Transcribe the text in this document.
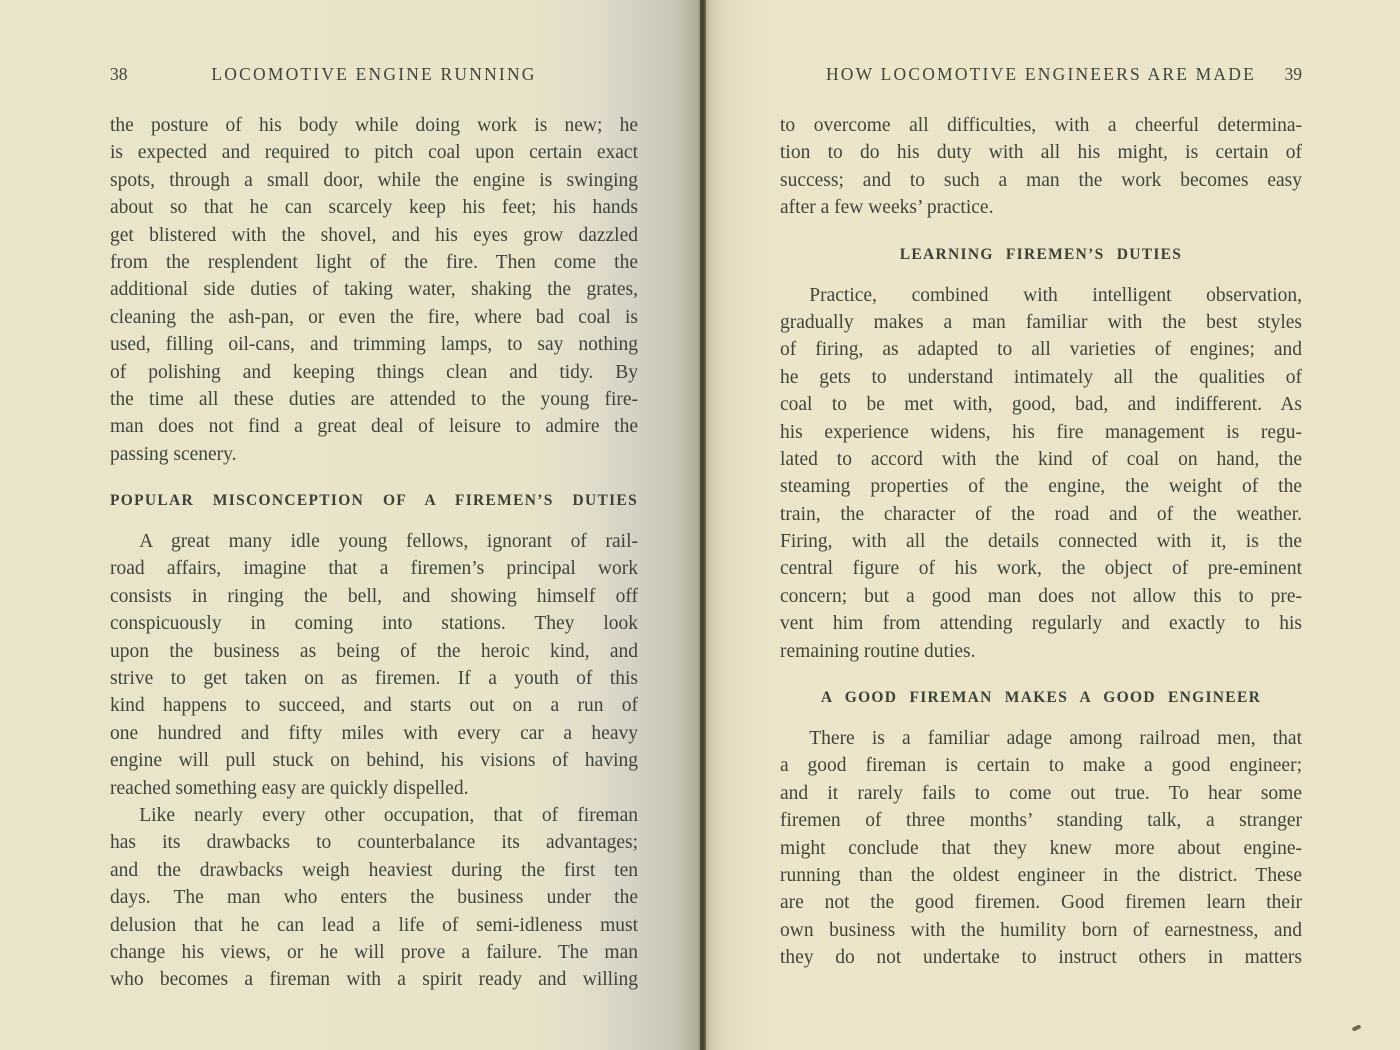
38	LOCOMOTIVE ENGINE RUNNING
the posture of his body while doing work is new; he
is expected and required to pitch coal upon certain exact
spots, through a small door, while the engine is swinging
about so that he can scarcely keep his feet; his hands
get blistered with the shovel, and his eyes grow dazzled
from the resplendent light of the fire. Then come the
additional side duties of taking water, shaking the grates,
cleaning the ash-pan, or even the fire, where bad coal is
used, filling oil-cans, and trimming lamps, to say nothing
of polishing and keeping things clean and tidy. By
the time all these duties are attended to the young fire-
man does not find a great deal of leisure to admire the
passing scenery.
POPULAR MISCONCEPTION OF A FIREMEN’S DUTIES
A great many idle young fellows, ignorant of rail-
road affairs, imagine that a firemen’s principal work
consists in ringing the bell, and showing himself off
conspicuously in coming into stations. They look
upon the business as being of the heroic kind, and
strive to get taken on as firemen. If a youth of this
kind happens to succeed, and starts out on a run of
one hundred and fifty miles with every car a heavy
engine will pull stuck on behind, his visions of having
reached something easy are quickly dispelled.
Like nearly every other occupation, that of fireman
has its drawbacks to counterbalance its advantages;
and the drawbacks weigh heaviest during the first ten
days. The man who enters the business under the
delusion that he can lead a life of semi-idleness must
change his views, or he will prove a failure. The man
who becomes a fireman with a spirit ready and willing
HOW LOCOMOTIVE ENGINEERS ARE MADE	39
to overcome all difficulties, with a cheerful determina-
tion to do his duty with all his might, is certain of
success; and to such a man the work becomes easy
after a few weeks’ practice.
LEARNING FIREMEN’S DUTIES
Practice, combined with intelligent observation,
gradually makes a man familiar with the best styles
of firing, as adapted to all varieties of engines; and
he gets to understand intimately all the qualities of
coal to be met with, good, bad, and indifferent. As
his experience widens, his fire management is regu-
lated to accord with the kind of coal on hand, the
steaming properties of the engine, the weight of the
train, the character of the road and of the weather.
Firing, with all the details connected with it, is the
central figure of his work, the object of pre-eminent
concern; but a good man does not allow this to pre-
vent him from attending regularly and exactly to his
remaining routine duties.
A GOOD FIREMAN MAKES A GOOD ENGINEER
There is a familiar adage among railroad men, that
a good fireman is certain to make a good engineer;
and it rarely fails to come out true. To hear some
firemen of three months’ standing talk, a stranger
might conclude that they knew more about engine-
running than the oldest engineer in the district. These
are not the good firemen. Good firemen learn their
own business with the humility born of earnestness, and
they do not undertake to instruct others in matters
